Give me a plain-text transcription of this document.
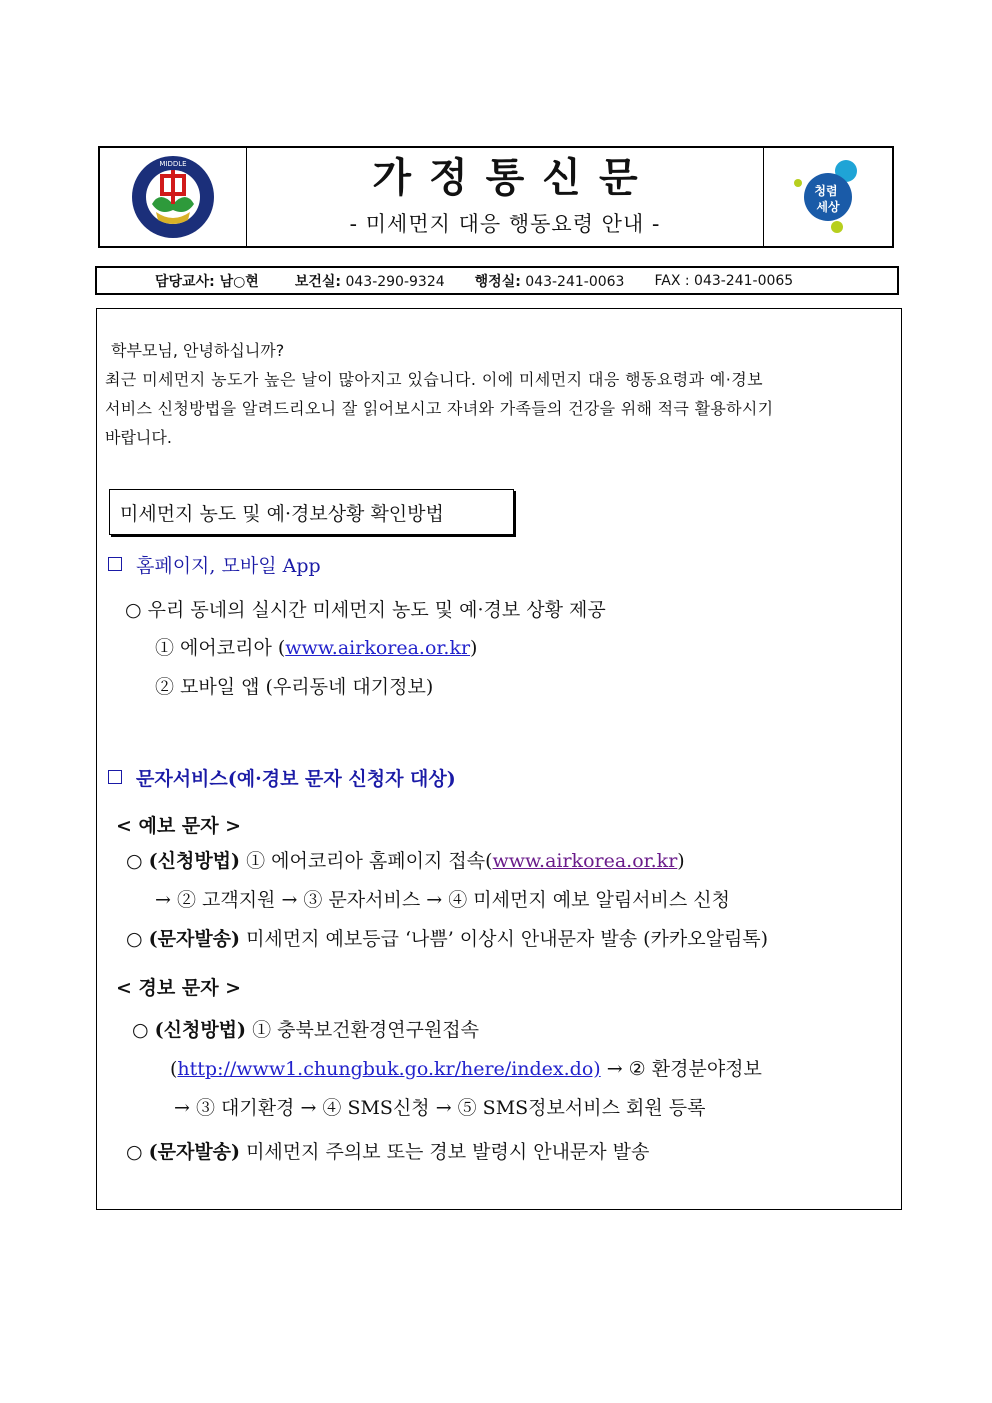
MIDDLE	가정통신문
- 미세먼지 대응 행동요령 안내 -
청렴
세상
담당교사: 남○현	보건실: 043-290-9324 행정실: 043-241-0063 FAX : 043-241-0065
학부모님, 안녕하십니까?
최근 미세먼지 농도가 높은 날이 많아지고 있습니다. 이에 미세먼지 대응 행동요령과 예·경보
서비스 신청방법을 알려드리오니 잘 읽어보시고 자녀와 가족들의 건강을 위해 적극 활용하시기
바랍니다.
미세먼지 농도 및 예·경보상황 확인방법
홈페이지, 모바일 App
○ 우리 동네의 실시간 미세먼지 농도 및 예·경보 상황 제공
① 에어코리아 (www.airkorea.or.kr)
② 모바일 앱 (우리동네 대기정보)
문자서비스(예·경보 문자 신청자 대상)
< 예보 문자 >
○ (신청방법) ① 에어코리아 홈페이지 접속(www.airkorea.or.kr)
→ ② 고객지원 → ③ 문자서비스 → ④ 미세먼지 예보 알림서비스 신청
○ (문자발송) 미세먼지 예보등급 ‘나쁨’ 이상시 안내문자 발송 (카카오알림톡)
< 경보 문자 >
○ (신청방법) ① 충북보건환경연구원접속
(http://www1.chungbuk.go.kr/here/index.do) → ② 환경분야정보
→ ③ 대기환경 → ④ SMS신청 → ⑤ SMS정보서비스 회원 등록
○ (문자발송) 미세먼지 주의보 또는 경보 발령시 안내문자 발송
